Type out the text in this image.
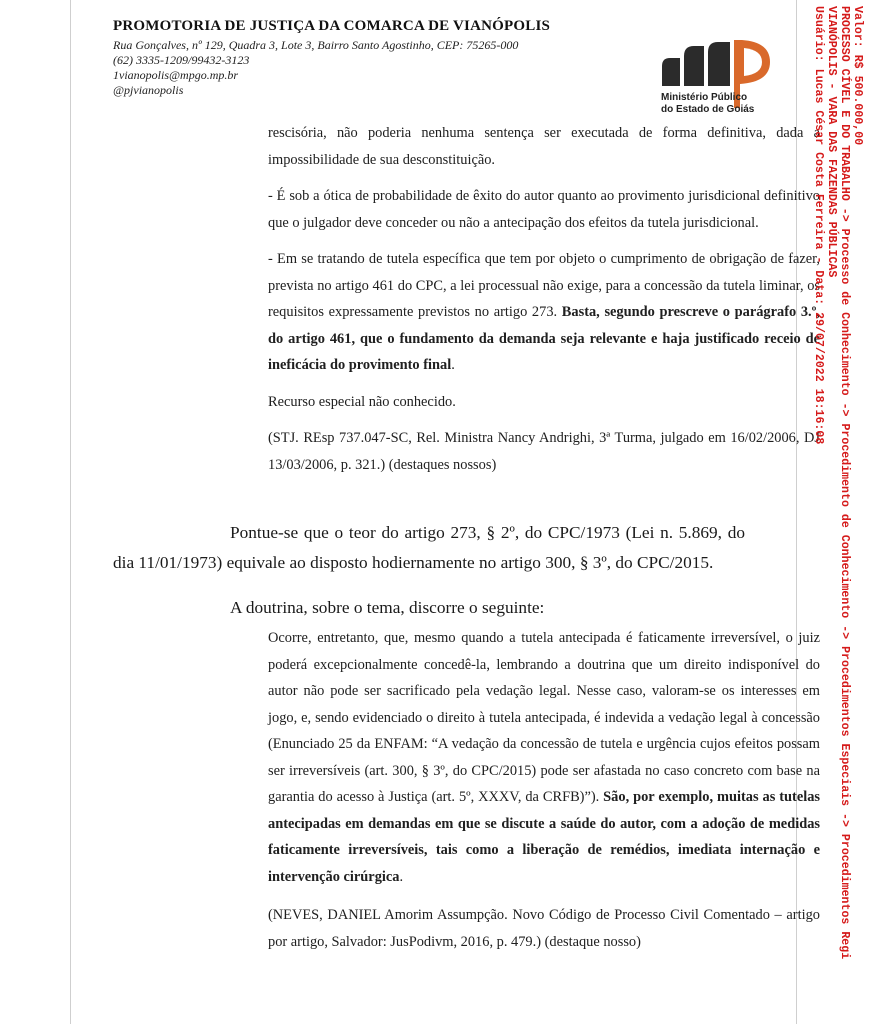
PROMOTORIA DE JUSTIÇA DA COMARCA DE VIANÓPOLIS
Rua Gonçalves, nº 129, Quadra 3, Lote 3, Bairro Santo Agostinho, CEP: 75265-000
(62) 3335-1209/99432-3123
1vianopolis@mpgo.mp.br
@pjvianopolis
Ministério Público
do Estado de Goiás

rescisória, não poderia nenhuma sentença ser executada de forma definitiva, dada a impossibilidade de sua desconstituição.

- É sob a ótica de probabilidade de êxito do autor quanto ao provimento jurisdicional definitivo que o julgador deve conceder ou não a antecipação dos efeitos da tutela jurisdicional.

- Em se tratando de tutela específica que tem por objeto o cumprimento de obrigação de fazer, prevista no artigo 461 do CPC, a lei processual não exige, para a concessão da tutela liminar, os requisitos expressamente previstos no artigo 273. Basta, segundo prescreve o parágrafo 3.º, do artigo 461, que o fundamento da demanda seja relevante e haja justificado receio de ineficácia do provimento final.

Recurso especial não conhecido.

(STJ. REsp 737.047-SC, Rel. Ministra Nancy Andrighi, 3ª Turma, julgado em 16/02/2006, DJ 13/03/2006, p. 321.) (destaques nossos)

Pontue-se que o teor do artigo 273, § 2º, do CPC/1973 (Lei n. 5.869, do dia 11/01/1973) equivale ao disposto hodiernamente no artigo 300, § 3º, do CPC/2015.

A doutrina, sobre o tema, discorre o seguinte:

Ocorre, entretanto, que, mesmo quando a tutela antecipada é faticamente irreversível, o juiz poderá excepcionalmente concedê-la, lembrando a doutrina que um direito indisponível do autor não pode ser sacrificado pela vedação legal. Nesse caso, valoram-se os interesses em jogo, e, sendo evidenciado o direito à tutela antecipada, é indevida a vedação legal à concessão (Enunciado 25 da ENFAM: “A vedação da concessão de tutela e urgência cujos efeitos possam ser irreversíveis (art. 300, § 3º, do CPC/2015) pode ser afastada no caso concreto com base na garantia do acesso à Justiça (art. 5º, XXXV, da CRFB)”). São, por exemplo, muitas as tutelas antecipadas em demandas em que se discute a saúde do autor, com a adoção de medidas faticamente irreversíveis, tais como a liberação de remédios, imediata internação e intervenção cirúrgica.

(NEVES, DANIEL Amorim Assumpção. Novo Código de Processo Civil Comentado – artigo por artigo, Salvador: JusPodivm, 2016, p. 479.) (destaque nosso)

Valor: R$ 500.000,00
PROCESSO CÍVEL E DO TRABALHO -> Processo de Conhecimento -> Procedimento de Conhecimento -> Procedimentos Especiais -> Procedimentos Regi
VIANÓPOLIS - VARA DAS FAZENDAS PÚBLICAS
Usuário: Lucas César Costa Ferreira - Data: 29/07/2022 18:16:08
